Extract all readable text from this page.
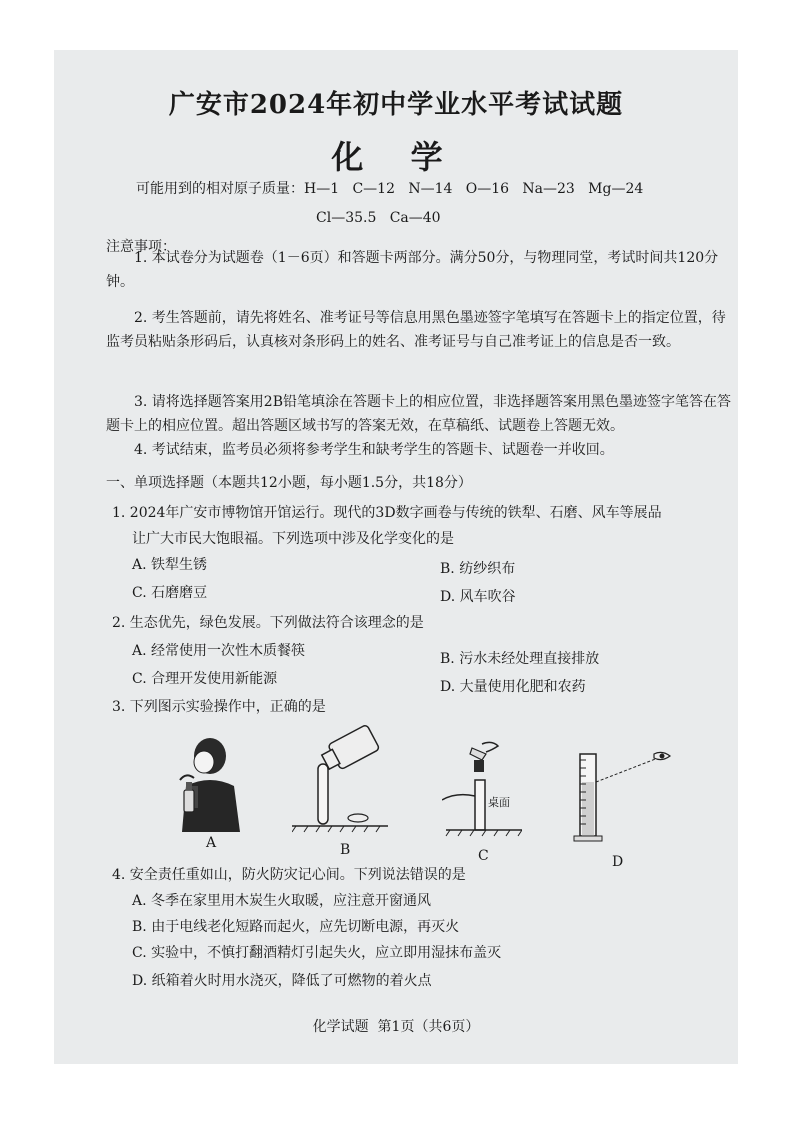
广安市2024年初中学业水平考试试题
化 学
可能用到的相对原子质量：H—1   C—12   N—14   O—16   Na—23   Mg—24
Cl—35.5   Ca—40
注意事项：
1. 本试卷分为试题卷（1－6页）和答题卡两部分。满分50分，与物理同堂，考试时间共120分钟。
2. 考生答题前，请先将姓名、准考证号等信息用黑色墨迹签字笔填写在答题卡上的指定位置，待监考员粘贴条形码后，认真核对条形码上的姓名、准考证号与自己准考证上的信息是否一致。
3. 请将选择题答案用2B铅笔填涂在答题卡上的相应位置，非选择题答案用黑色墨迹签字笔答在答题卡上的相应位置。超出答题区域书写的答案无效，在草稿纸、试题卷上答题无效。
4. 考试结束，监考员必须将参考学生和缺考学生的答题卡、试题卷一并收回。
一、单项选择题（本题共12小题，每小题1.5分，共18分）
1. 2024年广安市博物馆开馆运行。现代的3D数字画卷与传统的铁犁、石磨、风车等展品
让广大市民大饱眼福。下列选项中涉及化学变化的是
A. 铁犁生锈	B. 纺纱织布
C. 石磨磨豆	D. 风车吹谷
2. 生态优先，绿色发展。下列做法符合该理念的是
A. 经常使用一次性木质餐筷	B. 污水未经处理直接排放
C. 合理开发使用新能源	D. 大量使用化肥和农药
3. 下列图示实验操作中，正确的是
A	B
桌面
C	D
4. 安全责任重如山，防火防灾记心间。下列说法错误的是
A. 冬季在家里用木炭生火取暖，应注意开窗通风
B. 由于电线老化短路而起火，应先切断电源，再灭火
C. 实验中，不慎打翻酒精灯引起失火，应立即用湿抹布盖灭
D. 纸箱着火时用水浇灭，降低了可燃物的着火点
化学试题  第1页（共6页）
